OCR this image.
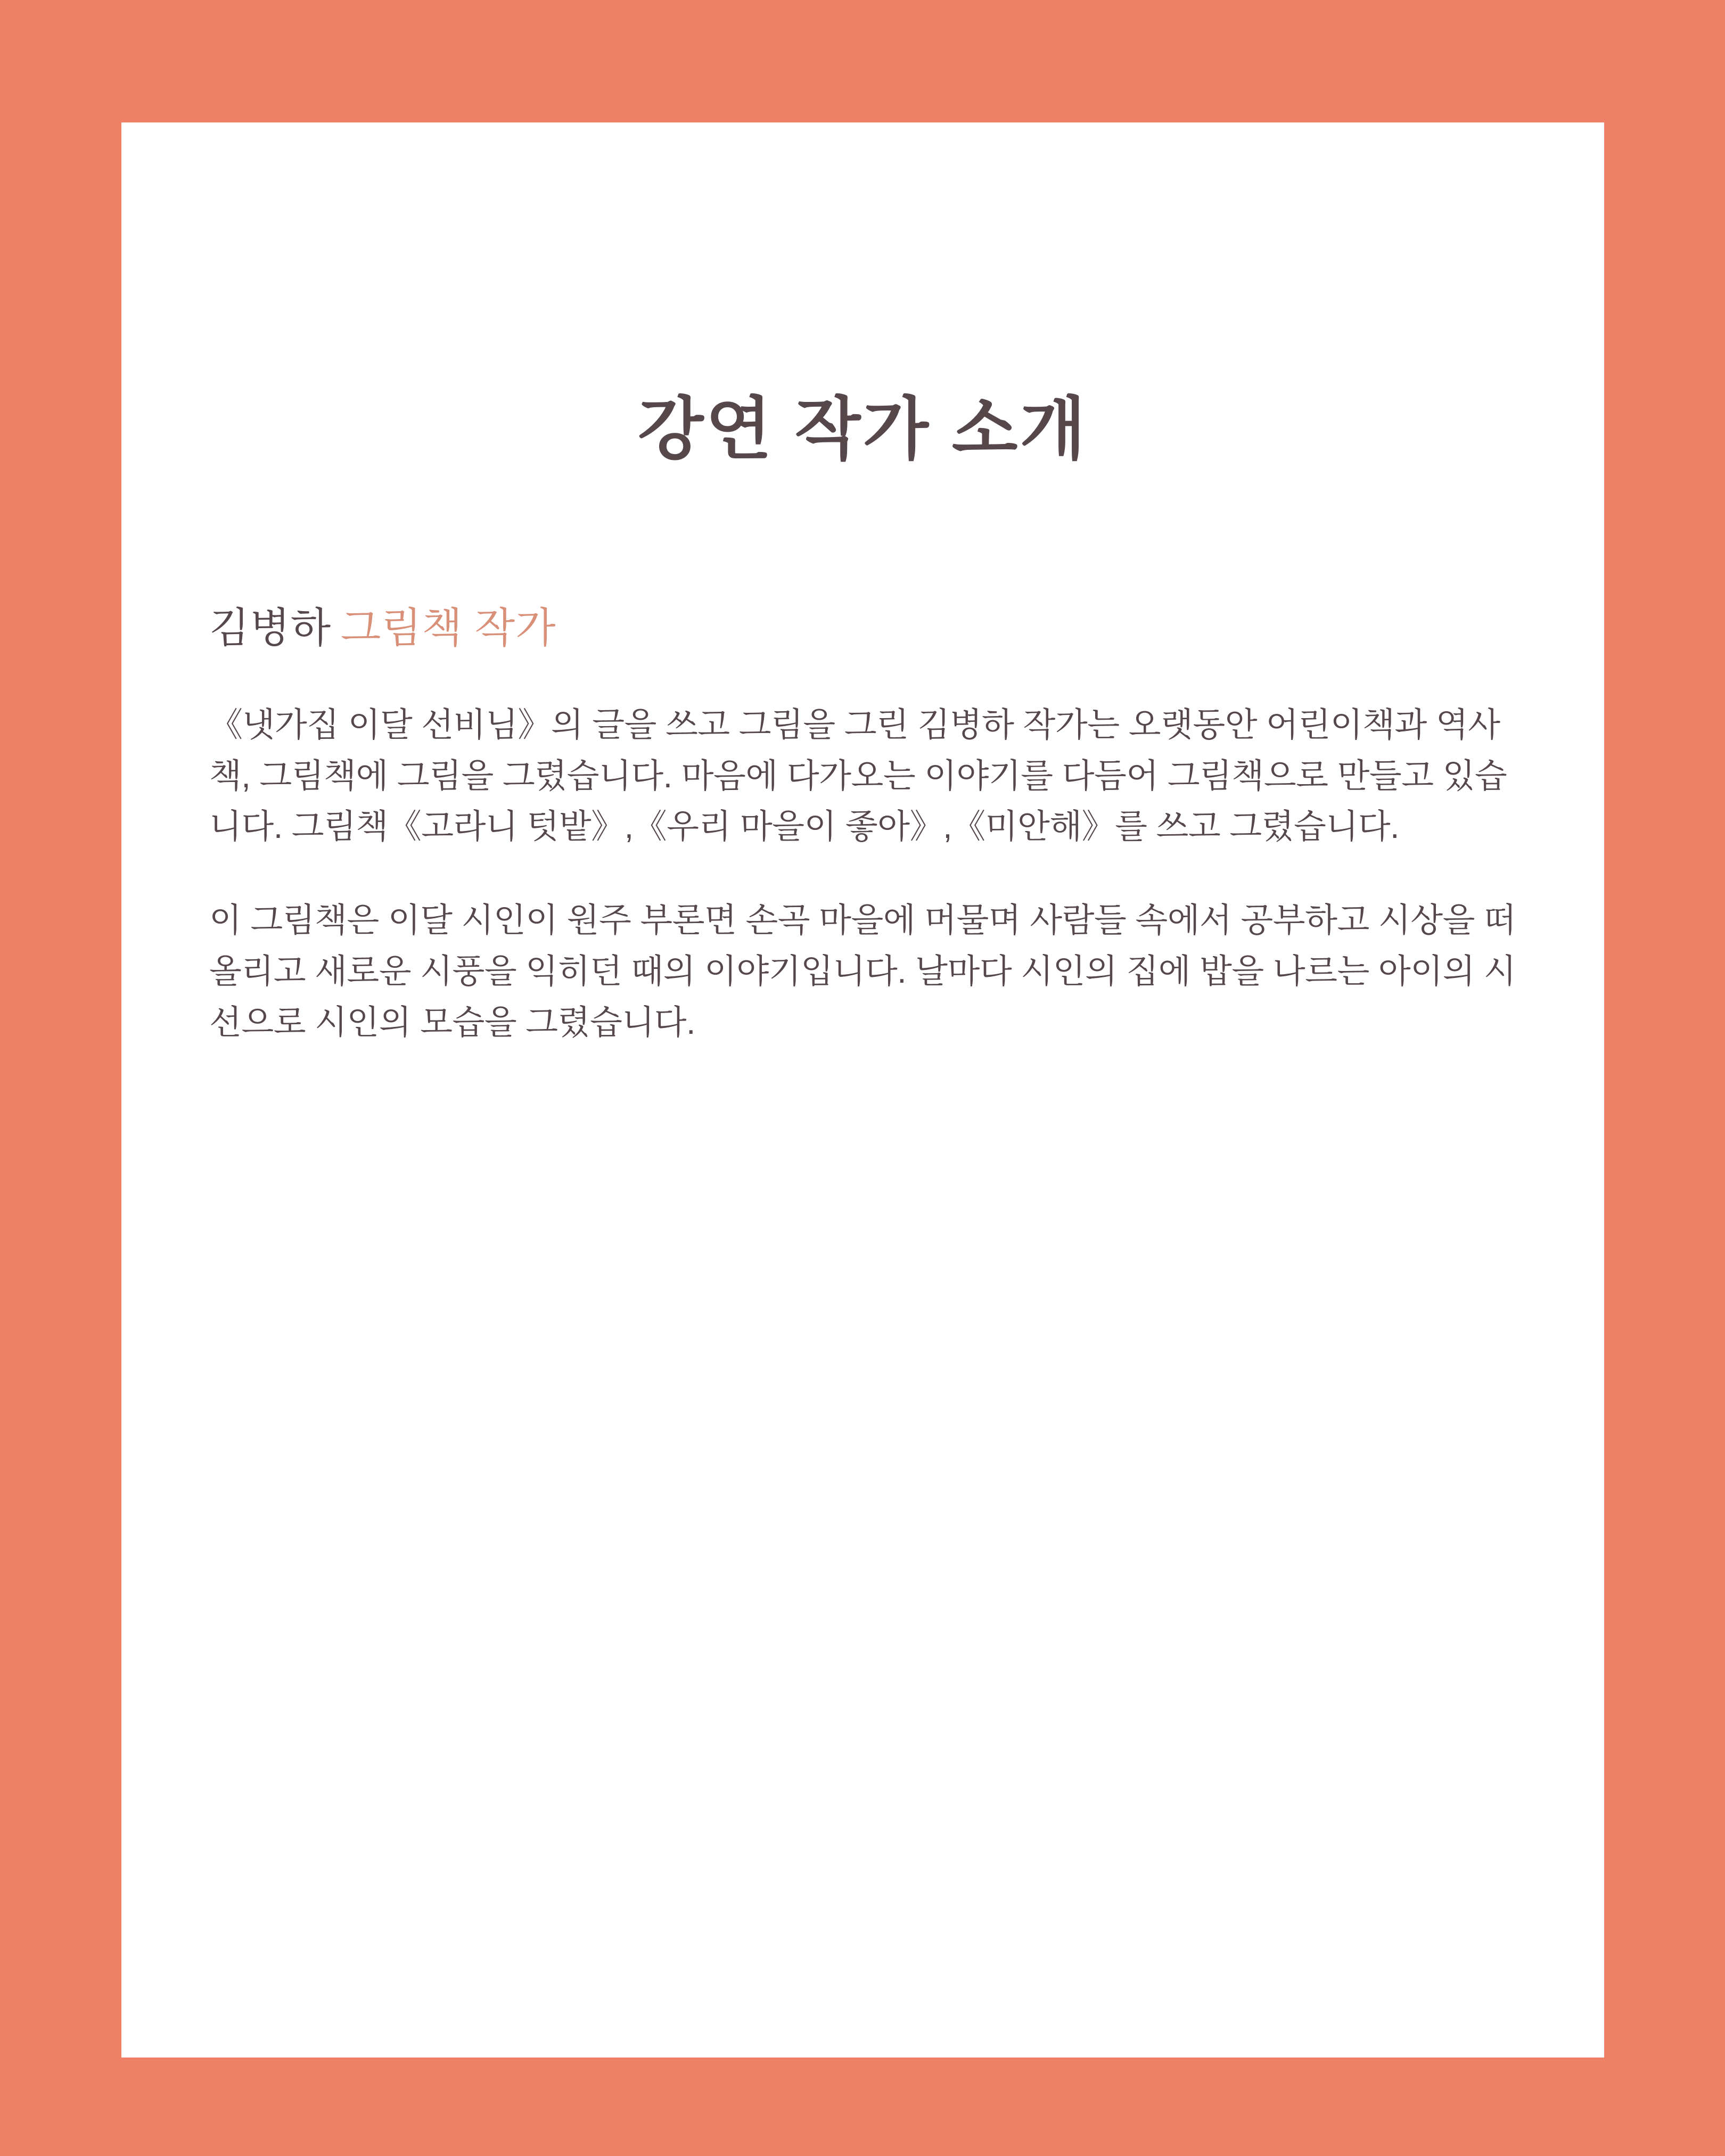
강연 작가 소개
김병하 그림책 작가

《냇가집 이달 선비님》의 글을 쓰고 그림을 그린 김병하 작가는 오랫동안 어린이책과 역사책, 그림책에 그림을 그렸습니다. 마음에 다가오는 이야기를 다듬어 그림책으로 만들고 있습니다. 그림책《고라니 텃밭》,《우리 마을이 좋아》,《미안해》를 쓰고 그렸습니다.

이 그림책은 이달 시인이 원주 부론면 손곡 마을에 머물며 사람들 속에서 공부하고 시상을 떠올리고 새로운 시풍을 익히던 때의 이야기입니다. 날마다 시인의 집에 밥을 나르는 아이의 시선으로 시인의 모습을 그렸습니다.
